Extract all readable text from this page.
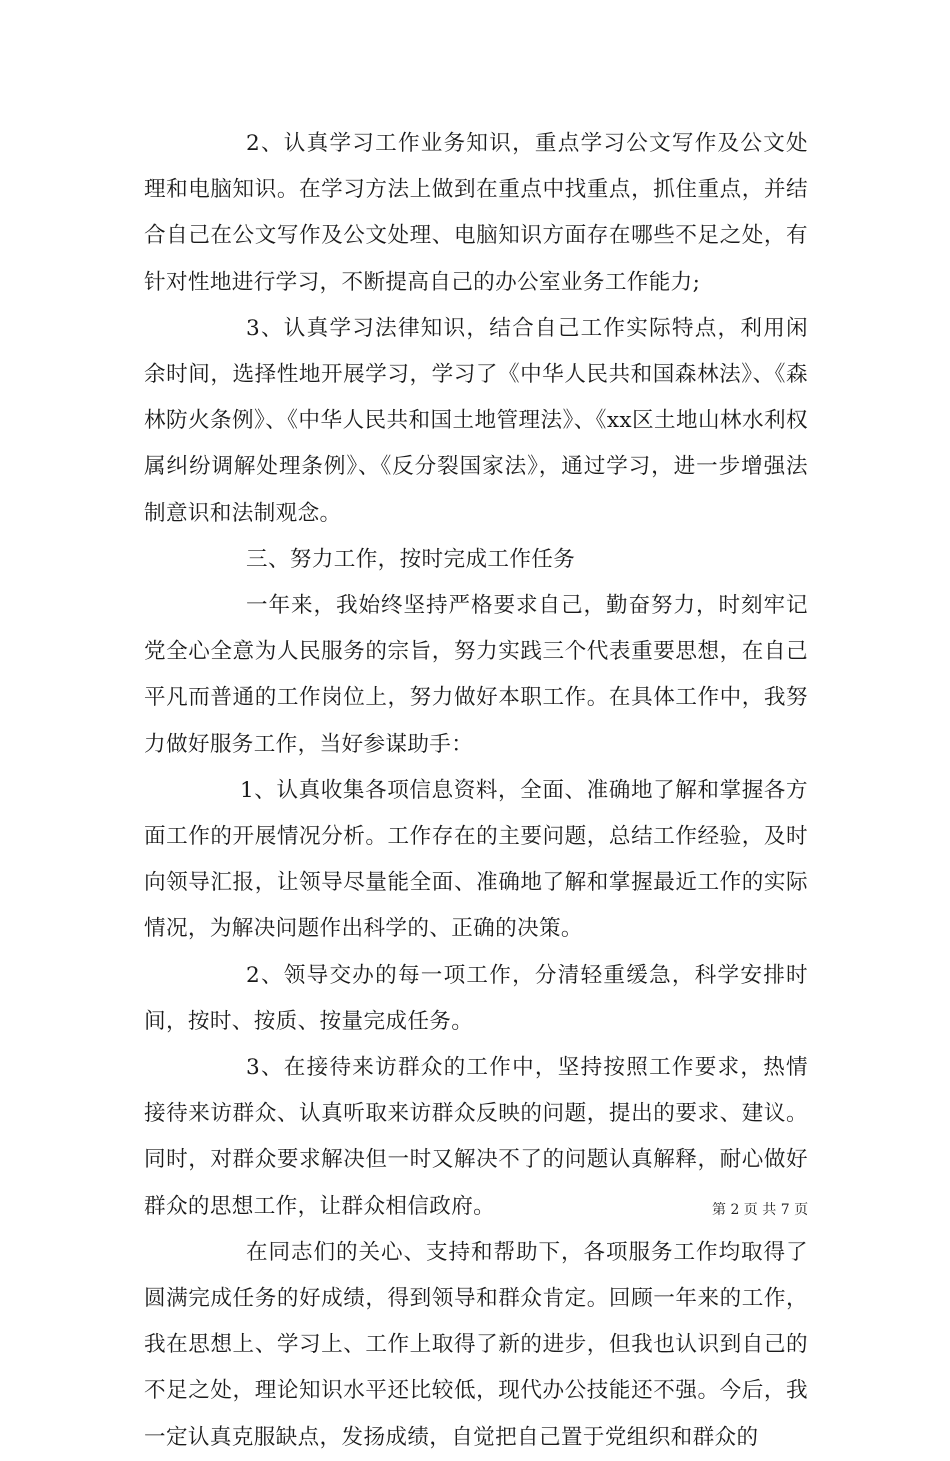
2、认真学习工作业务知识，重点学习公文写作及公文处理和电脑知识。在学习方法上做到在重点中找重点，抓住重点，并结合自己在公文写作及公文处理、电脑知识方面存在哪些不足之处，有针对性地进行学习，不断提高自己的办公室业务工作能力;

3、认真学习法律知识，结合自己工作实际特点，利用闲余时间，选择性地开展学习，学习了《中华人民共和国森林法》、《森林防火条例》、《中华人民共和国土地管理法》、《xx区土地山林水利权属纠纷调解处理条例》、《反分裂国家法》，通过学习，进一步增强法制意识和法制观念。

三、努力工作，按时完成工作任务

一年来，我始终坚持严格要求自己，勤奋努力，时刻牢记党全心全意为人民服务的宗旨，努力实践三个代表重要思想，在自己平凡而普通的工作岗位上，努力做好本职工作。在具体工作中，我努力做好服务工作，当好参谋助手：

1、认真收集各项信息资料，全面、准确地了解和掌握各方面工作的开展情况分析。工作存在的主要问题，总结工作经验，及时向领导汇报，让领导尽量能全面、准确地了解和掌握最近工作的实际情况，为解决问题作出科学的、正确的决策。

2、领导交办的每一项工作，分清轻重缓急，科学安排时间，按时、按质、按量完成任务。

3、在接待来访群众的工作中，坚持按照工作要求，热情接待来访群众、认真听取来访群众反映的问题，提出的要求、建议。同时，对群众要求解决但一时又解决不了的问题认真解释，耐心做好群众的思想工作，让群众相信政府。

在同志们的关心、支持和帮助下，各项服务工作均取得了圆满完成任务的好成绩，得到领导和群众肯定。回顾一年来的工作，我在思想上、学习上、工作上取得了新的进步，但我也认识到自己的不足之处，理论知识水平还比较低，现代办公技能还不强。今后，我一定认真克服缺点，发扬成绩，自觉把自己置于党组织和群众的

第 2 页 共 7 页
